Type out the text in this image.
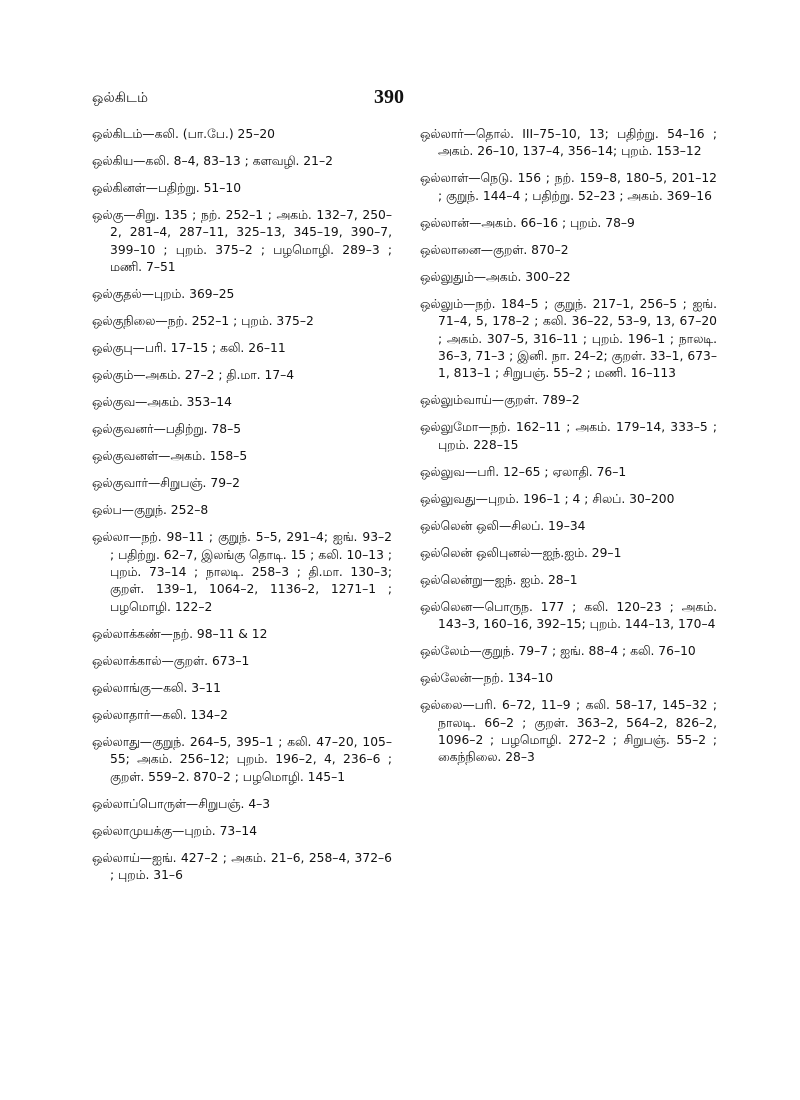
ஒல்கிடம்	390
ஒல்கிடம்—கலி. (பா.பே.) 25–20
ஒல்கிய—கலி. 8–4, 83–13 ; களவழி. 21–2
ஒல்கினள்—பதிற்று. 51–10
ஒல்கு—சிறு. 135 ; நற். 252–1 ; அகம். 132–7, 250–2, 281–4, 287–11, 325–13, 345–19, 390–7, 399–10 ; புறம். 375–2 ; பழமொழி. 289–3 ; மணி. 7–51
ஒல்குதல்—புறம். 369–25
ஒல்குநிலை—நற். 252–1 ; புறம். 375–2
ஒல்குபு—பரி. 17–15 ; கலி. 26–11
ஒல்கும்—அகம். 27–2 ; தி.மா. 17–4
ஒல்குவ—அகம். 353–14
ஒல்குவனர்—பதிற்று. 78–5
ஒல்குவனள்—அகம். 158–5
ஒல்குவார்—சிறுபஞ். 79–2
ஒல்ப—குறுந். 252–8
ஒல்லா—நற். 98–11 ; குறுந். 5–5, 291–4; ஐங். 93–2 ; பதிற்று. 62–7, இலங்கு தொடி. 15 ; கலி. 10–13 ; புறம். 73–14 ; நாலடி. 258–3 ; தி.மா. 130–3; குறள். 139–1, 1064–2, 1136–2, 1271–1 ; பழமொழி. 122–2
ஒல்லாக்கண்—நற். 98–11 & 12
ஒல்லாக்கால்—குறள். 673–1
ஒல்லாங்கு—கலி. 3–11
ஒல்லாதார்—கலி. 134–2
ஒல்லாது—குறுந். 264–5, 395–1 ; கலி. 47–20, 105–55; அகம். 256–12; புறம். 196–2, 4, 236–6 ; குறள். 559–2. 870–2 ; பழமொழி. 145–1
ஒல்லாப்பொருள்—சிறுபஞ். 4–3
ஒல்லாமுயக்கு—புறம். 73–14
ஒல்லாய்—ஐங். 427–2 ; அகம். 21–6, 258–4, 372–6 ; புறம். 31–6
ஒல்லார்—தொல். III–75–10, 13; பதிற்று. 54–16 ; அகம். 26–10, 137–4, 356–14; புறம். 153–12
ஒல்லாள்—நெடு. 156 ; நற். 159–8, 180–5, 201–12 ; குறுந். 144–4 ; பதிற்று. 52–23 ; அகம். 369–16
ஒல்லான்—அகம். 66–16 ; புறம். 78–9
ஒல்லானை—குறள். 870–2
ஒல்லுதும்—அகம். 300–22
ஒல்லும்—நற். 184–5 ; குறுந். 217–1, 256–5 ; ஐங். 71–4, 5, 178–2 ; கலி. 36–22, 53–9, 13, 67–20 ; அகம். 307–5, 316–11 ; புறம். 196–1 ; நாலடி. 36–3, 71–3 ; இனி. நா. 24–2; குறள். 33–1, 673–1, 813–1 ; சிறுபஞ். 55–2 ; மணி. 16–113
ஒல்லும்வாய்—குறள். 789–2
ஒல்லுமோ—நற். 162–11 ; அகம். 179–14, 333–5 ; புறம். 228–15
ஒல்லுவ—பரி. 12–65 ; ஏலாதி. 76–1
ஒல்லுவது—புறம். 196–1 ; 4 ; சிலப். 30–200
ஒல்லென் ஒலி—சிலப். 19–34
ஒல்லென் ஒலிபுனல்—ஐந்.ஐம். 29–1
ஒல்லென்று—ஐந். ஐம். 28–1
ஒல்லென—பொருந. 177 ; கலி. 120–23 ; அகம். 143–3, 160–16, 392–15; புறம். 144–13, 170–4
ஒல்லேம்—குறுந். 79–7 ; ஐங். 88–4 ; கலி. 76–10
ஒல்லேன்—நற். 134–10
ஒல்லை—பரி. 6–72, 11–9 ; கலி. 58–17, 145–32 ; நாலடி. 66–2 ; குறள். 363–2, 564–2, 826–2, 1096–2 ; பழமொழி. 272–2 ; சிறுபஞ். 55–2 ; கைந்நிலை. 28–3
